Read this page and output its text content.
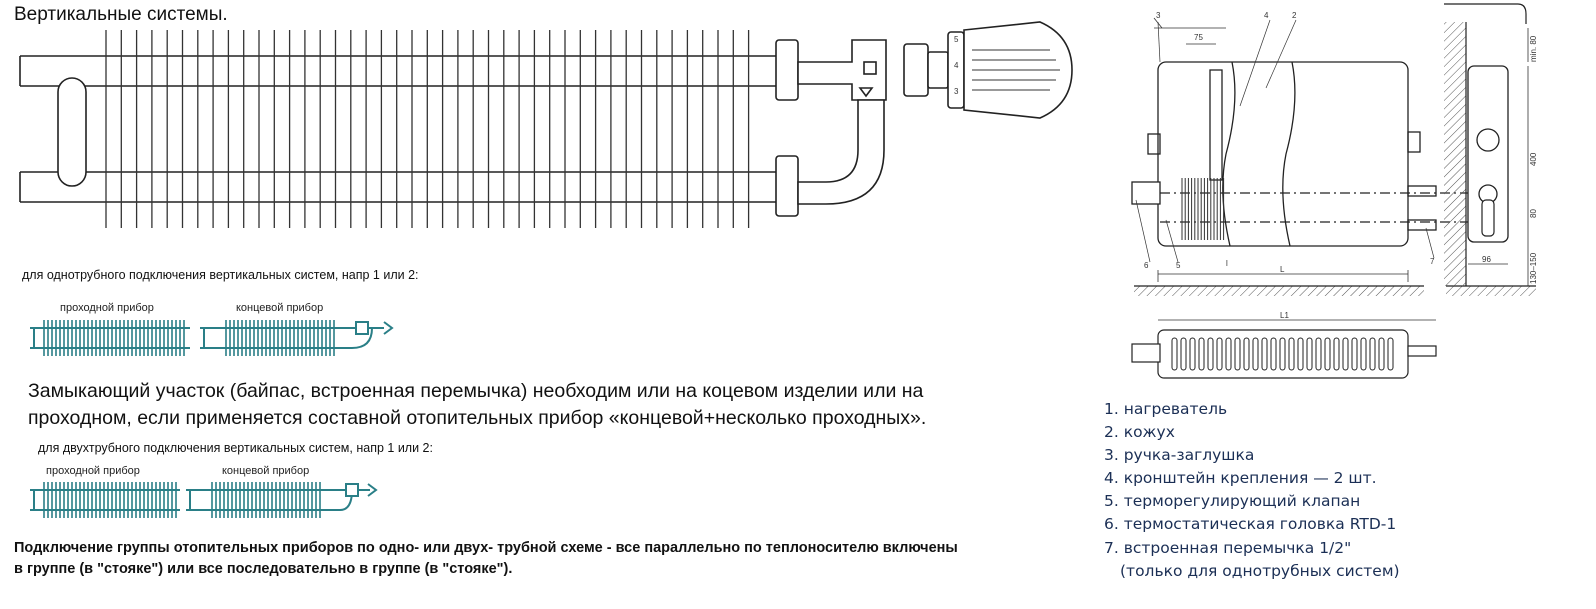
5
4
3
L
L1
75
l	96
400
80
130–150
min. 80
3	4	2
6	5	7
Вертикальные системы.
для однотрубного подключения вертикальных систем, напр 1 или 2:
проходной прибор	концевой прибор
Замыкающий участок (байпас, встроенная перемычка) необходим или на коцевом изделии или на
проходном, если применяется составной отопительных прибор «концевой+несколько проходных».
для двухтрубного подключения вертикальных систем, напр 1 или 2:
проходной прибор	концевой прибор
Подключение группы отопительных приборов по одно- или двух- трубной схеме - все параллельно по теплоносителю включены
в группе (в "стояке") или все последовательно в группе (в "стояке").
1. нагреватель
2. кожух
3. ручка-заглушка
4. кронштейн крепления — 2 шт.
5. терморегулирующий клапан
6. термостатическая головка RTD-1
7. встроенная перемычка 1/2"
(только для однотрубных систем)
